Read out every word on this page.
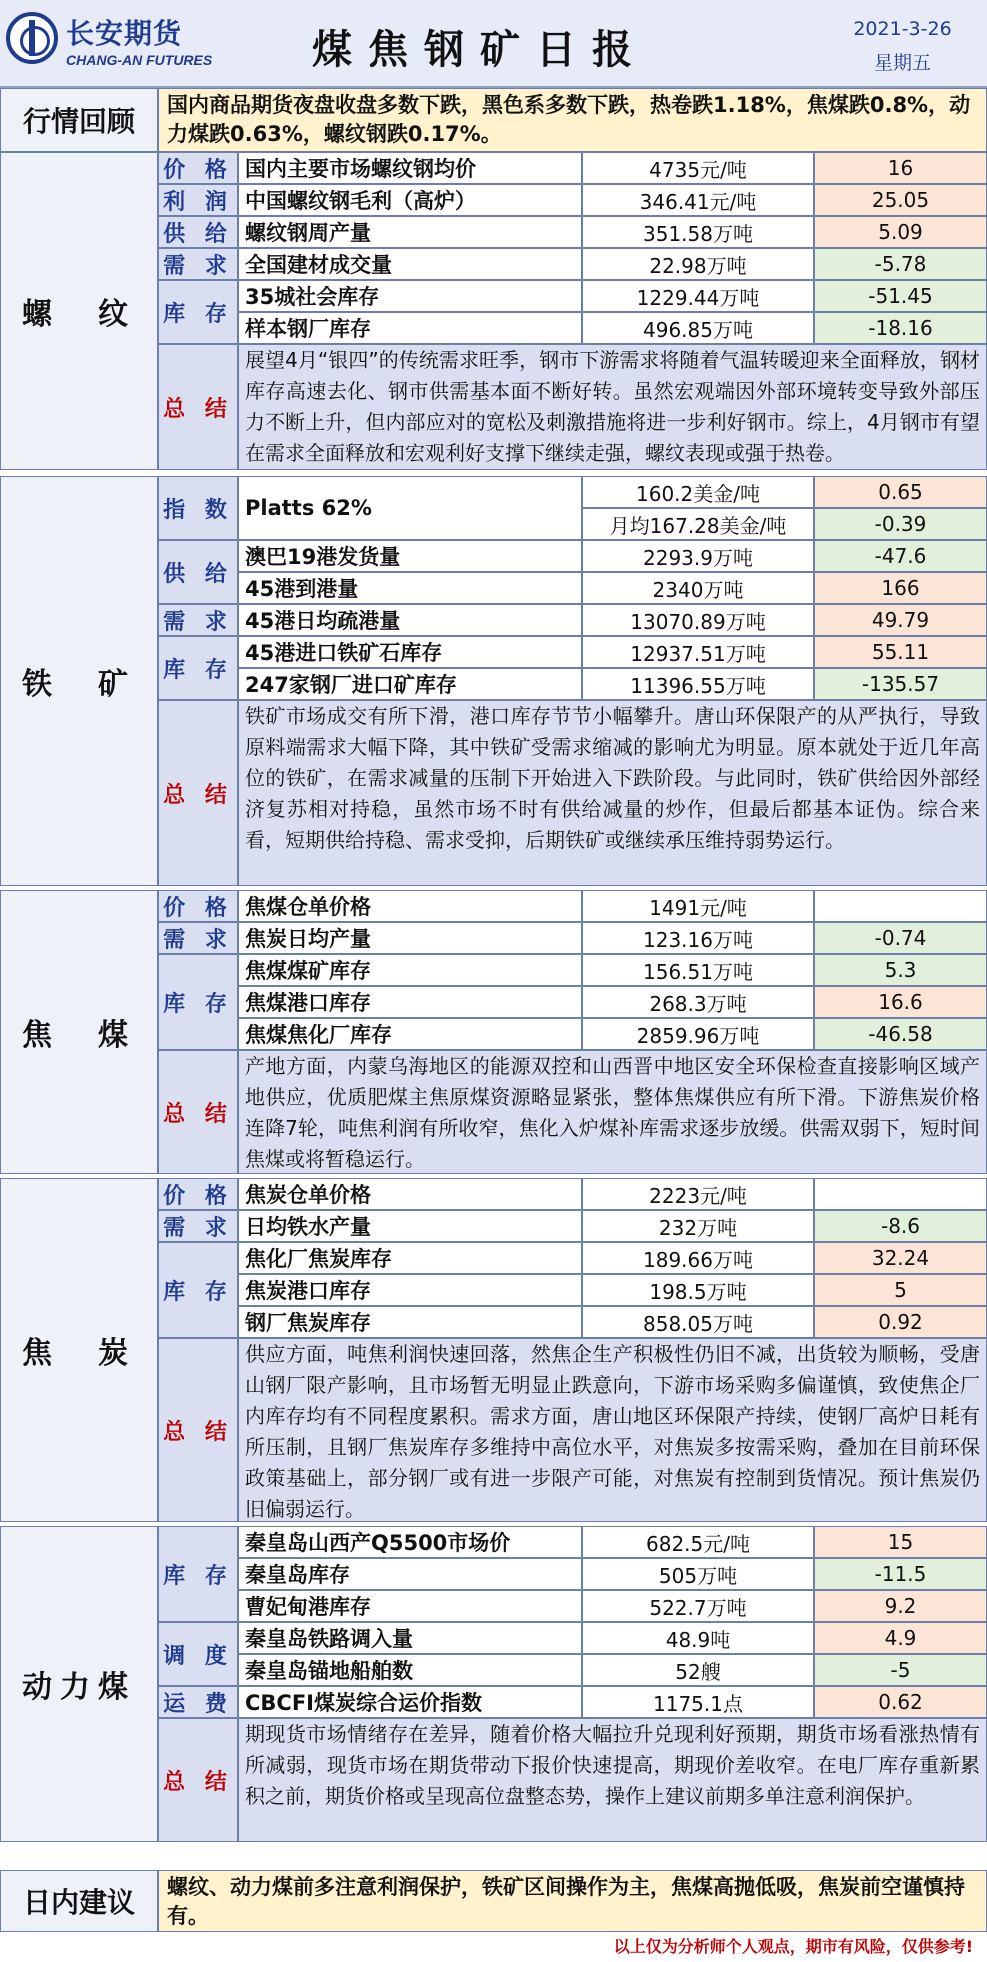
长安期货
CHANG-AN FUTURES	煤焦钢矿日报	2021-3-26
星期五
行情回顾	国内商品期货夜盘收盘多数下跌，黑色系多数下跌，热卷跌1.18%，焦煤跌0.8%，动力煤跌0.63%，螺纹钢跌0.17%。
价 格 国内主要市场螺纹钢均价	4735元/吨	16
利 润 中国螺纹钢毛利（高炉）	346.41元/吨	25.05
供 给 螺纹钢周产量	351.58万吨	5.09
需 求 全国建材成交量	22.98万吨	-5.78
库 存
35城社会库存	1229.44万吨	-51.45
样本钢厂库存	496.85万吨	-18.16
总 结
展望4月“银四”的传统需求旺季，钢市下游需求将随着气温转暖迎来全面释放，钢材库存高速去化、钢市供需基本面不断好转。虽然宏观端因外部环境转变导致外部压力不断上升，但内部应对的宽松及刺激措施将进一步利好钢市。综上，4月钢市有望在需求全面释放和宏观利好支撑下继续走强，螺纹表现或强于热卷。
螺　纹
指 数 Platts 62%
160.2美金/吨	0.65
月均167.28美金/吨	-0.39
供 给
澳巴19港发货量	2293.9万吨	-47.6
45港到港量	2340万吨	166
需 求 45港日均疏港量	13070.89万吨	49.79
库 存
45港进口铁矿石库存	12937.51万吨	55.11
247家钢厂进口矿库存	11396.55万吨	-135.57
总 结
铁矿市场成交有所下滑，港口库存节节小幅攀升。唐山环保限产的从严执行，导致原料端需求大幅下降，其中铁矿受需求缩减的影响尤为明显。原本就处于近几年高位的铁矿，在需求减量的压制下开始进入下跌阶段。与此同时，铁矿供给因外部经济复苏相对持稳，虽然市场不时有供给减量的炒作，但最后都基本证伪。综合来看，短期供给持稳、需求受抑，后期铁矿或继续承压维持弱势运行。
铁　矿
价 格 焦煤仓单价格	1491元/吨
需 求 焦炭日均产量	123.16万吨	-0.74
库 存
焦煤煤矿库存	156.51万吨	5.3
焦煤港口库存	268.3万吨	16.6
焦煤焦化厂库存	2859.96万吨	-46.58
总 结
产地方面，内蒙乌海地区的能源双控和山西晋中地区安全环保检查直接影响区域产地供应，优质肥煤主焦原煤资源略显紧张，整体焦煤供应有所下滑。下游焦炭价格连降7轮，吨焦利润有所收窄，焦化入炉煤补库需求逐步放缓。供需双弱下，短时间焦煤或将暂稳运行。
焦　煤
价 格 焦炭仓单价格	2223元/吨
需 求 日均铁水产量	232万吨	-8.6
库 存
焦化厂焦炭库存	189.66万吨	32.24
焦炭港口库存	198.5万吨	5
钢厂焦炭库存	858.05万吨	0.92
总 结
供应方面，吨焦利润快速回落，然焦企生产积极性仍旧不减，出货较为顺畅，受唐山钢厂限产影响，且市场暂无明显止跌意向，下游市场采购多偏谨慎，致使焦企厂内库存均有不同程度累积。需求方面，唐山地区环保限产持续，使钢厂高炉日耗有所压制，且钢厂焦炭库存多维持中高位水平，对焦炭多按需采购，叠加在目前环保政策基础上，部分钢厂或有进一步限产可能，对焦炭有控制到货情况。预计焦炭仍旧偏弱运行。
焦　炭
库 存
秦皇岛山西产Q5500市场价	682.5元/吨	15
秦皇岛库存	505万吨	-11.5
曹妃甸港库存	522.7万吨	9.2
调 度
秦皇岛铁路调入量	48.9吨	4.9
秦皇岛锚地船舶数	52艘	-5
运 费 CBCFI煤炭综合运价指数	1175.1点	0.62
总 结
期现货市场情绪存在差异，随着价格大幅拉升兑现利好预期，期货市场看涨热情有所减弱，现货市场在期货带动下报价快速提高，期现价差收窄。在电厂库存重新累积之前，期货价格或呈现高位盘整态势，操作上建议前期多单注意利润保护。
动力煤
日内建议	螺纹、动力煤前多注意利润保护，铁矿区间操作为主，焦煤高抛低吸，焦炭前空谨慎持有。
以上仅为分析师个人观点，期市有风险，仅供参考!
